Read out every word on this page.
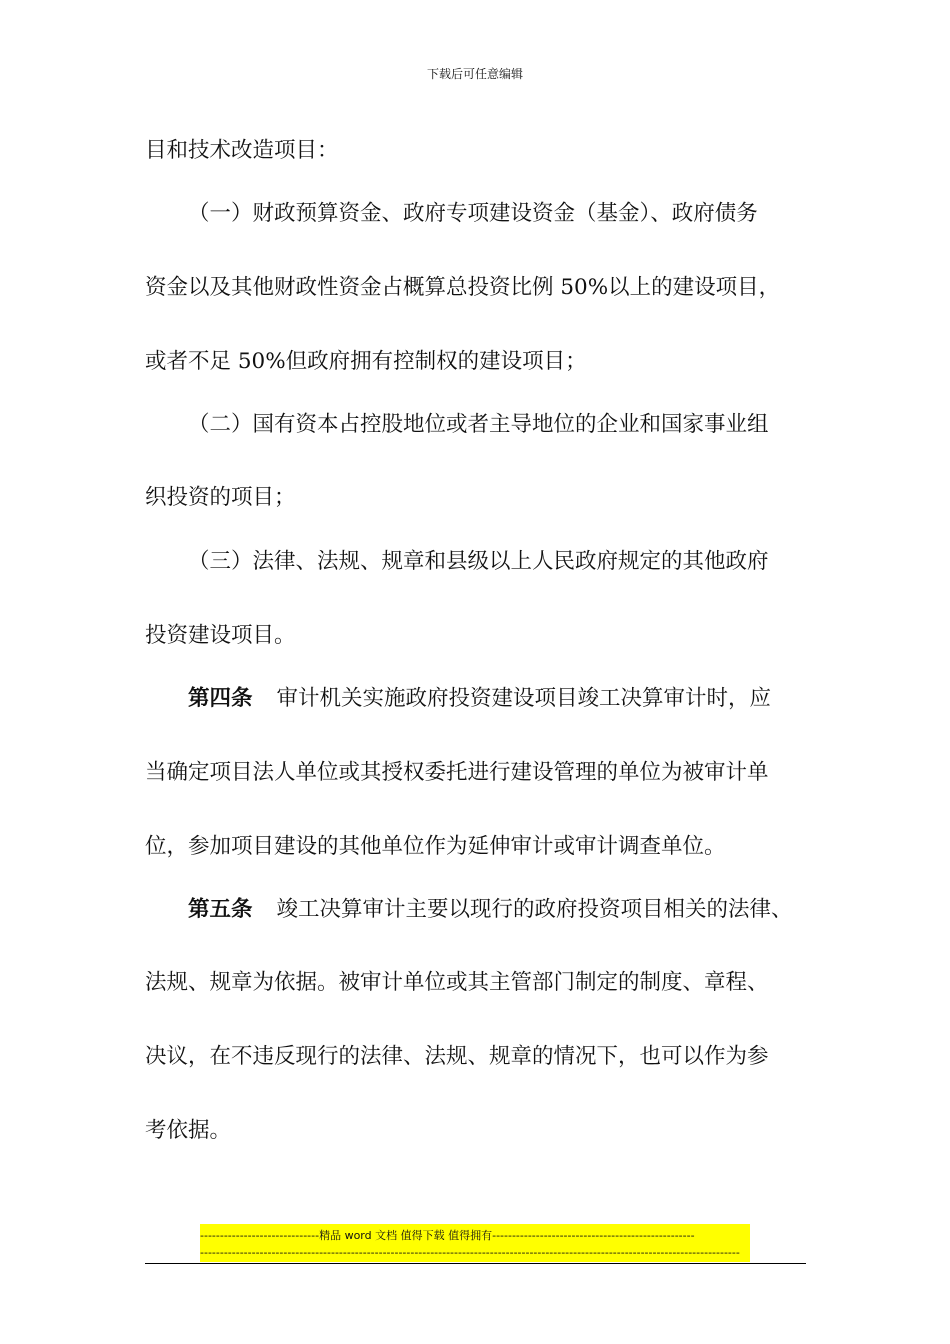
下载后可任意编辑
目和技术改造项目：
（一）财政预算资金、政府专项建设资金（基金）、政府债务
资金以及其他财政性资金占概算总投资比例 50%以上的建设项目，
或者不足 50%但政府拥有控制权的建设项目；
（二）国有资本占控股地位或者主导地位的企业和国家事业组
织投资的项目；
（三）法律、法规、规章和县级以上人民政府规定的其他政府
投资建设项目。
第四条 审计机关实施政府投资建设项目竣工决算审计时，应
当确定项目法人单位或其授权委托进行建设管理的单位为被审计单
位，参加项目建设的其他单位作为延伸审计或审计调查单位。
第五条 竣工决算审计主要以现行的政府投资项目相关的法律、
法规、规章为依据。被审计单位或其主管部门制定的制度、章程、
决议，在不违反现行的法律、法规、规章的情况下，也可以作为参
考依据。
------------------------------精品 word 文档 值得下载 值得拥有---------------------------------------------------
----------------------------------------------------------------------------------------------------------------------------------------
